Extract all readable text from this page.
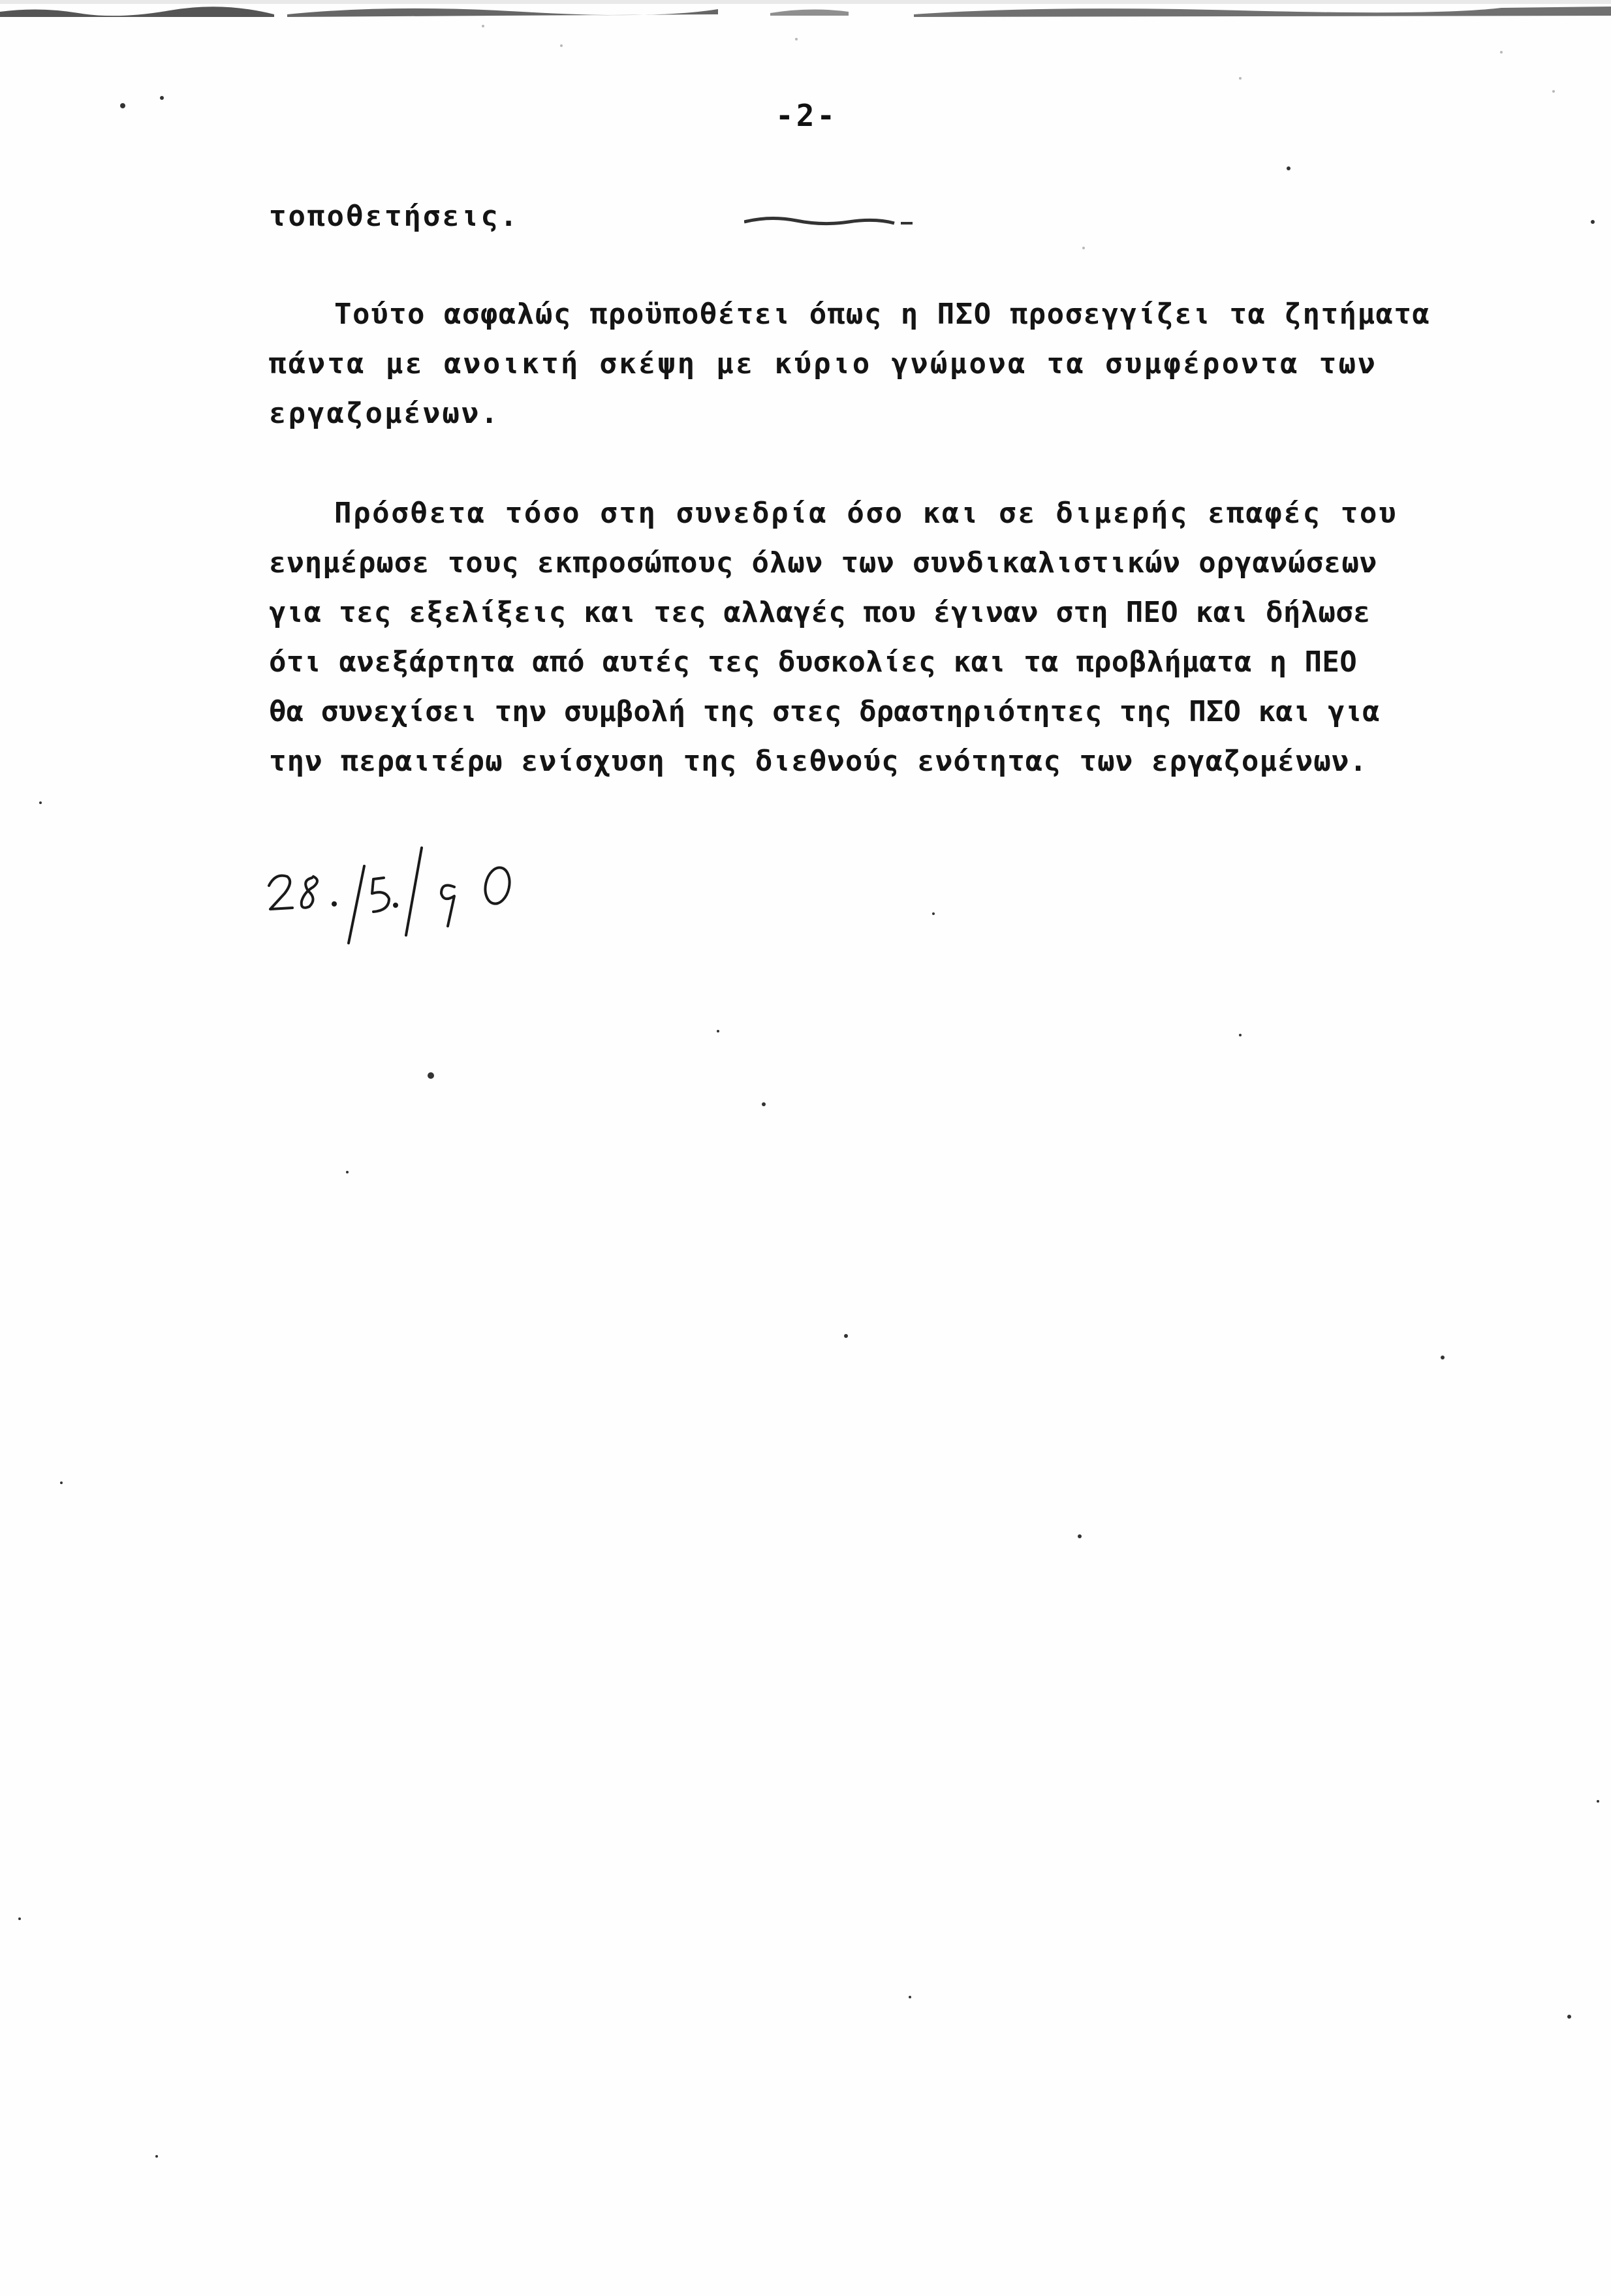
-2-
τοποθετήσεις.
Τούτο ασφαλώς προϋποθέτει όπως η ΠΣΟ προσεγγίζει τα ζητήματα
πάντα με ανοικτή σκέψη με κύριο γνώμονα τα συμφέροντα των
εργαζομένων.
Πρόσθετα τόσο στη συνεδρία όσο και σε διμερής επαφές του
ενημέρωσε τους εκπροσώπους όλων των συνδικαλιστικών οργανώσεων
για τες εξελίξεις και τες αλλαγές που έγιναν στη ΠΕΟ και δήλωσε
ότι ανεξάρτητα από αυτές τες δυσκολίες και τα προβλήματα η ΠΕΟ
θα συνεχίσει την συμβολή της στες δραστηριότητες της ΠΣΟ και για
την περαιτέρω ενίσχυση της διεθνούς ενότητας των εργαζομένων.
